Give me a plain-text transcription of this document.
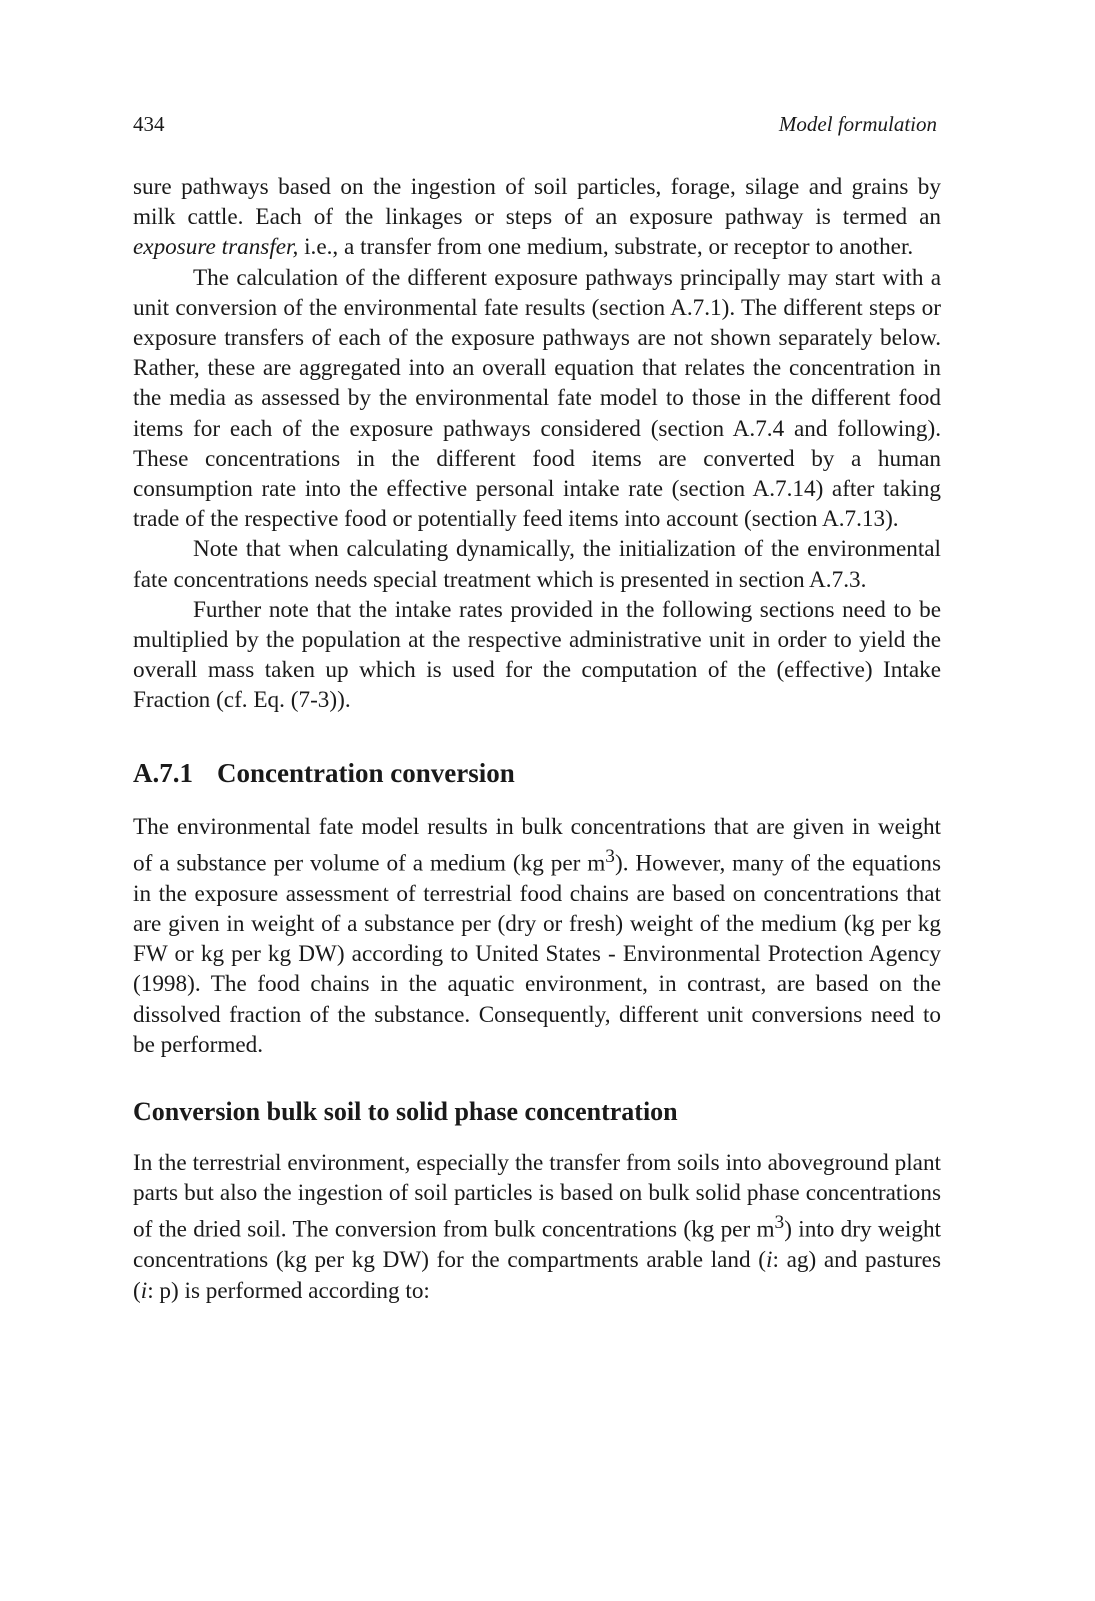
434	Model formulation

sure pathways based on the ingestion of soil particles, forage, silage and grains by milk cattle. Each of the linkages or steps of an exposure pathway is termed an exposure transfer, i.e., a transfer from one medium, substrate, or receptor to another.

The calculation of the different exposure pathways principally may start with a unit conversion of the environmental fate results (section A.7.1). The different steps or exposure transfers of each of the exposure pathways are not shown separately below. Rather, these are aggregated into an overall equation that relates the concentration in the media as assessed by the environmental fate model to those in the different food items for each of the exposure pathways considered (section A.7.4 and following). These concentrations in the different food items are converted by a human consumption rate into the effective personal intake rate (section A.7.14) after taking trade of the respective food or potentially feed items into account (section A.7.13).

Note that when calculating dynamically, the initialization of the environmental fate concentrations needs special treatment which is presented in section A.7.3.

Further note that the intake rates provided in the following sections need to be multiplied by the population at the respective administrative unit in order to yield the overall mass taken up which is used for the computation of the (effective) Intake Fraction (cf. Eq. (7-3)).

A.7.1 Concentration conversion

The environmental fate model results in bulk concentrations that are given in weight of a substance per volume of a medium (kg per $m^3$). However, many of the equations in the exposure assessment of terrestrial food chains are based on concentrations that are given in weight of a substance per (dry or fresh) weight of the medium (kg per kg FW or kg per kg DW) according to United States - Environmental Protection Agency (1998). The food chains in the aquatic environment, in contrast, are based on the dissolved fraction of the substance. Consequently, different unit conversions need to be performed.

Conversion bulk soil to solid phase concentration

In the terrestrial environment, especially the transfer from soils into aboveground plant parts but also the ingestion of soil particles is based on bulk solid phase concentrations of the dried soil. The conversion from bulk concentrations (kg per $m^3$) into dry weight concentrations (kg per kg DW) for the compartments arable land (i: ag) and pastures (i: p) is performed according to:
